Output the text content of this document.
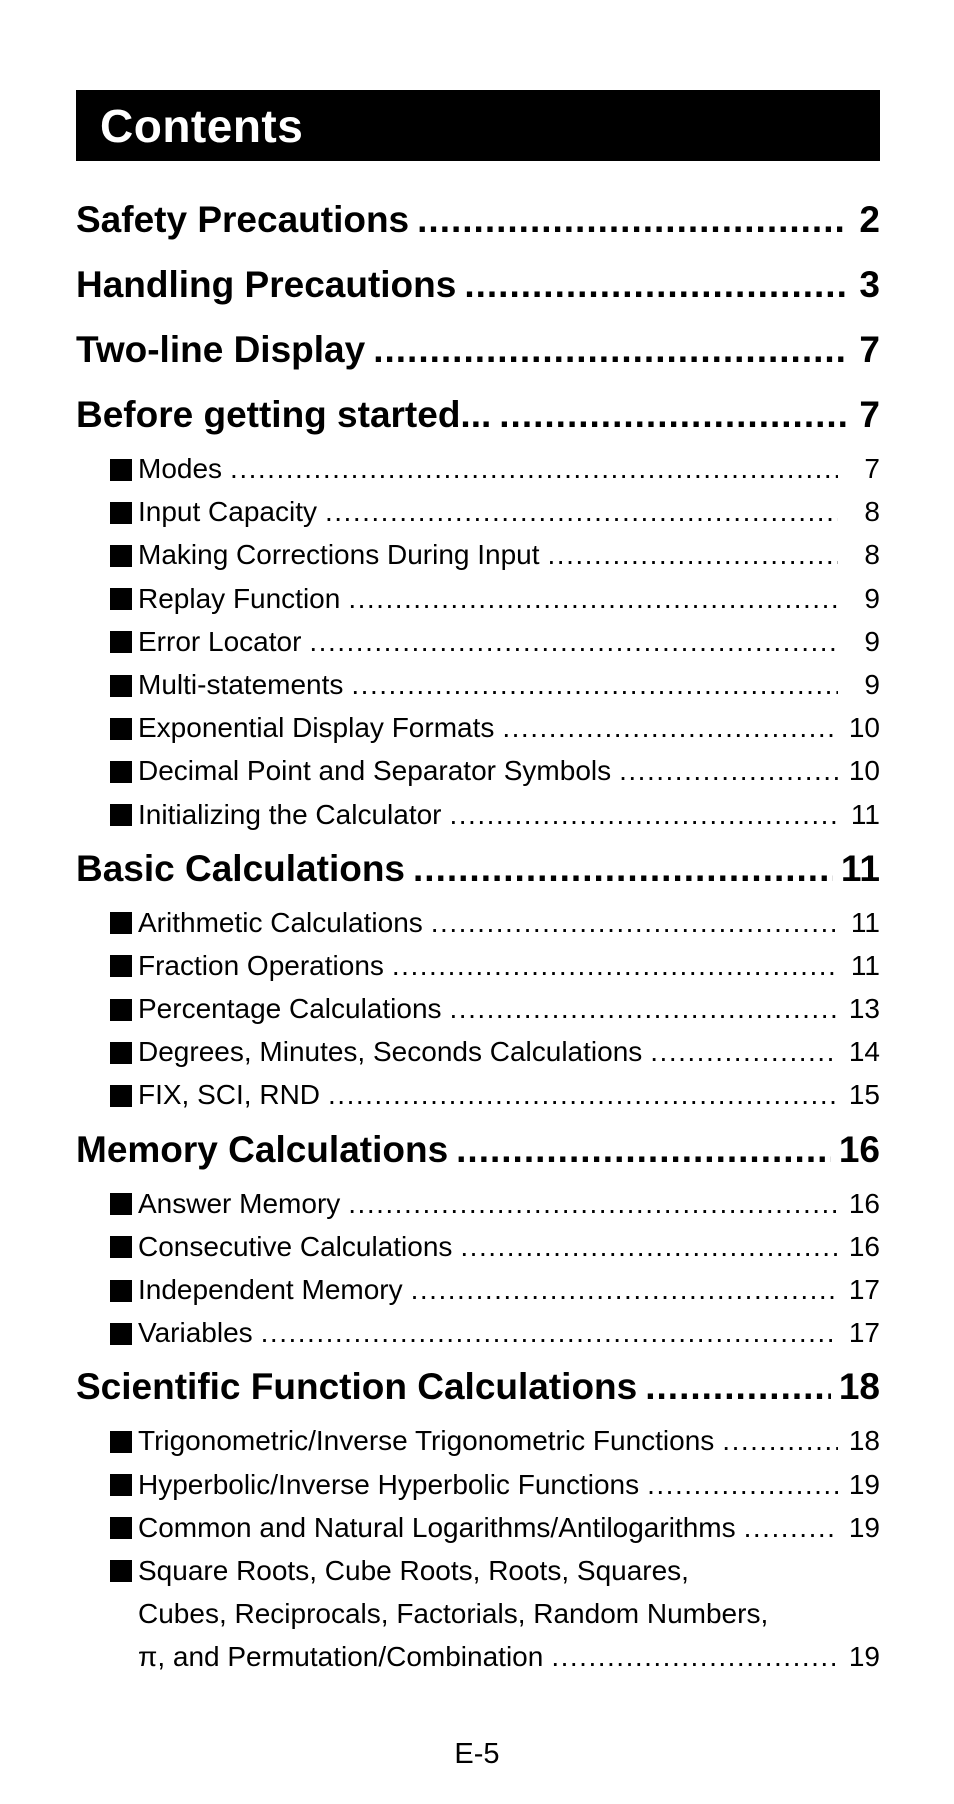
Contents
Safety Precautions .....	2
Handling Precautions .....	3
Two-line Display .....	7
Before getting started... .....	7
Modes .....	7
Input Capacity .....	8
Making Corrections During Input .....	8
Replay Function .....	9
Error Locator .....	9
Multi-statements .....	9
Exponential Display Formats .....	10
Decimal Point and Separator Symbols .....	10
Initializing the Calculator .....	11
Basic Calculations .....	11
Arithmetic Calculations .....	11
Fraction Operations .....	11
Percentage Calculations .....	13
Degrees, Minutes, Seconds Calculations .....	14
FIX, SCI, RND .....	15
Memory Calculations .....	16
Answer Memory .....	16
Consecutive Calculations .....	16
Independent Memory .....	17
Variables .....	17
Scientific Function Calculations .....	18
Trigonometric/Inverse Trigonometric Functions .....	18
Hyperbolic/Inverse Hyperbolic Functions .....	19
Common and Natural Logarithms/Antilogarithms .....	19
Square Roots, Cube Roots, Roots, Squares,
Cubes, Reciprocals, Factorials, Random Numbers,
π, and Permutation/Combination .....	19
E-5
